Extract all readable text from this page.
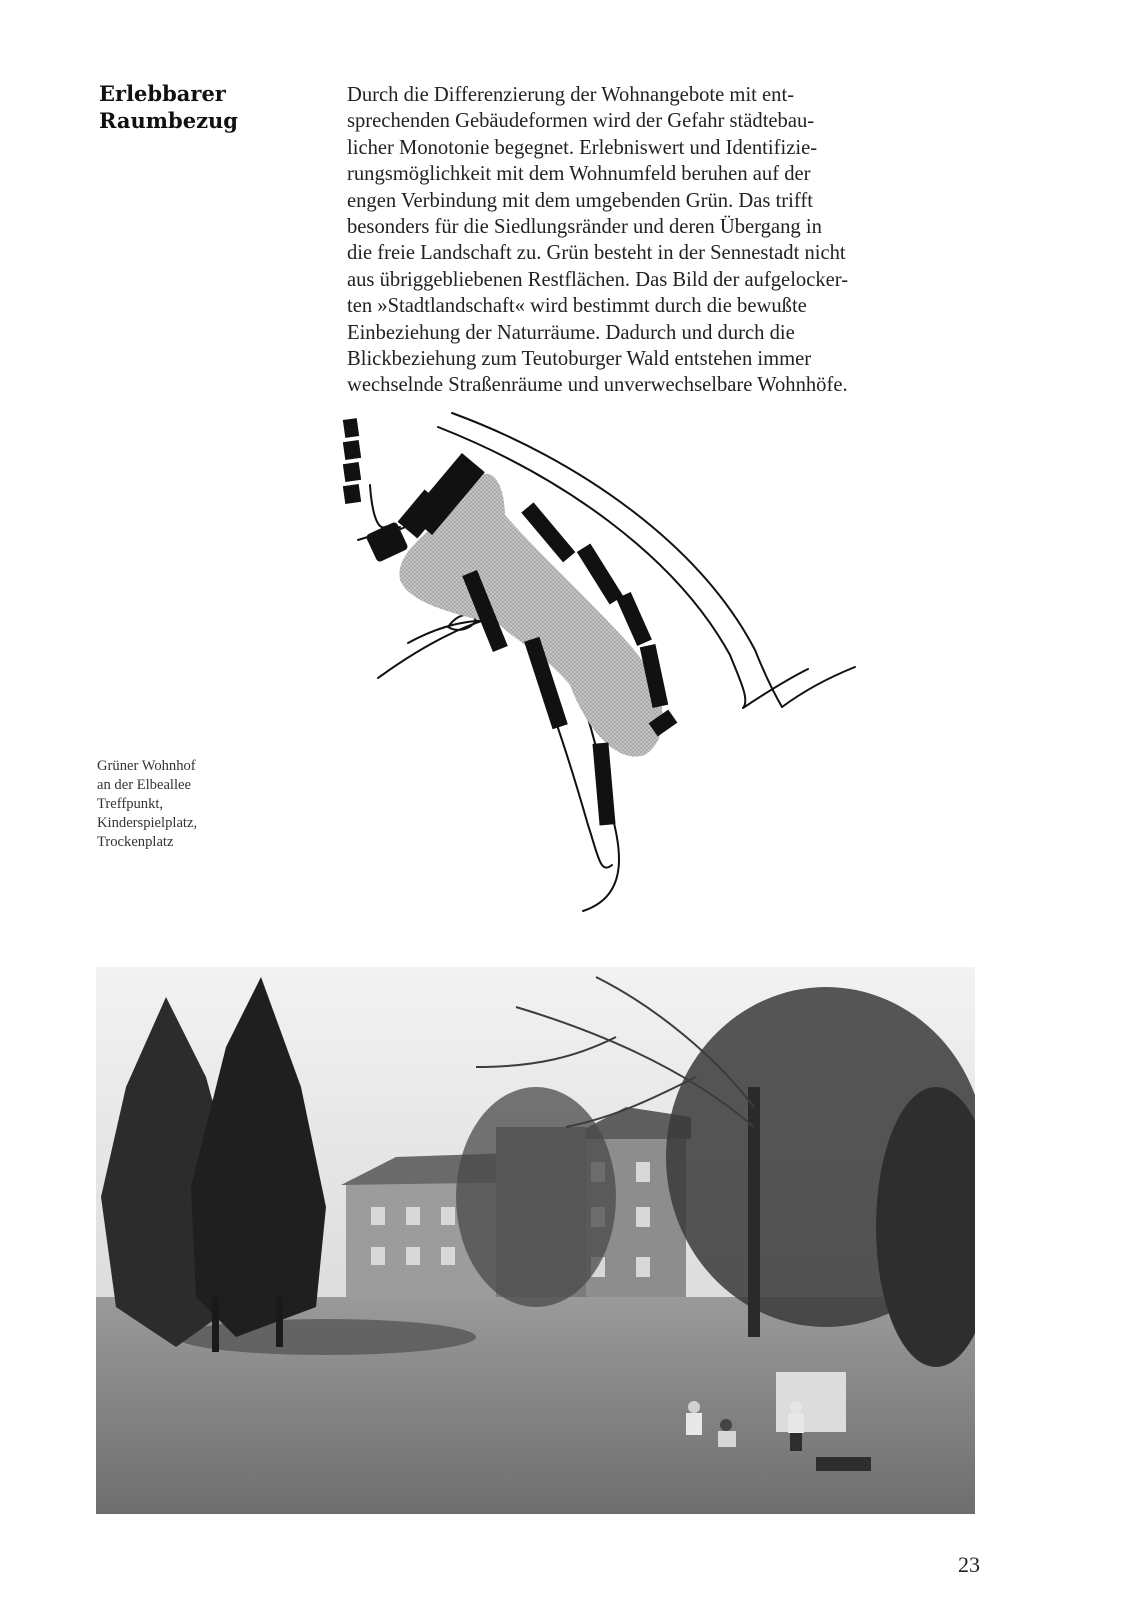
Erlebbarer
Raumbezug
Durch die Differenzierung der Wohnangebote mit ent-
sprechenden Gebäudeformen wird der Gefahr städtebau-
licher Monotonie begegnet. Erlebniswert und Identifizie-
rungsmöglichkeit mit dem Wohnumfeld beruhen auf der
engen Verbindung mit dem umgebenden Grün. Das trifft
besonders für die Siedlungsränder und deren Übergang in
die freie Landschaft zu. Grün besteht in der Sennestadt nicht
aus übriggebliebenen Restflächen. Das Bild der aufgelocker-
ten »Stadtlandschaft« wird bestimmt durch die bewußte
Einbeziehung der Naturräume. Dadurch und durch die
Blickbeziehung zum Teutoburger Wald entstehen immer
wechselnde Straßenräume und unverwechselbare Wohnhöfe.
Grüner Wohnhof
an der Elbeallee
Treffpunkt,
Kinderspielplatz,
Trockenplatz
23
